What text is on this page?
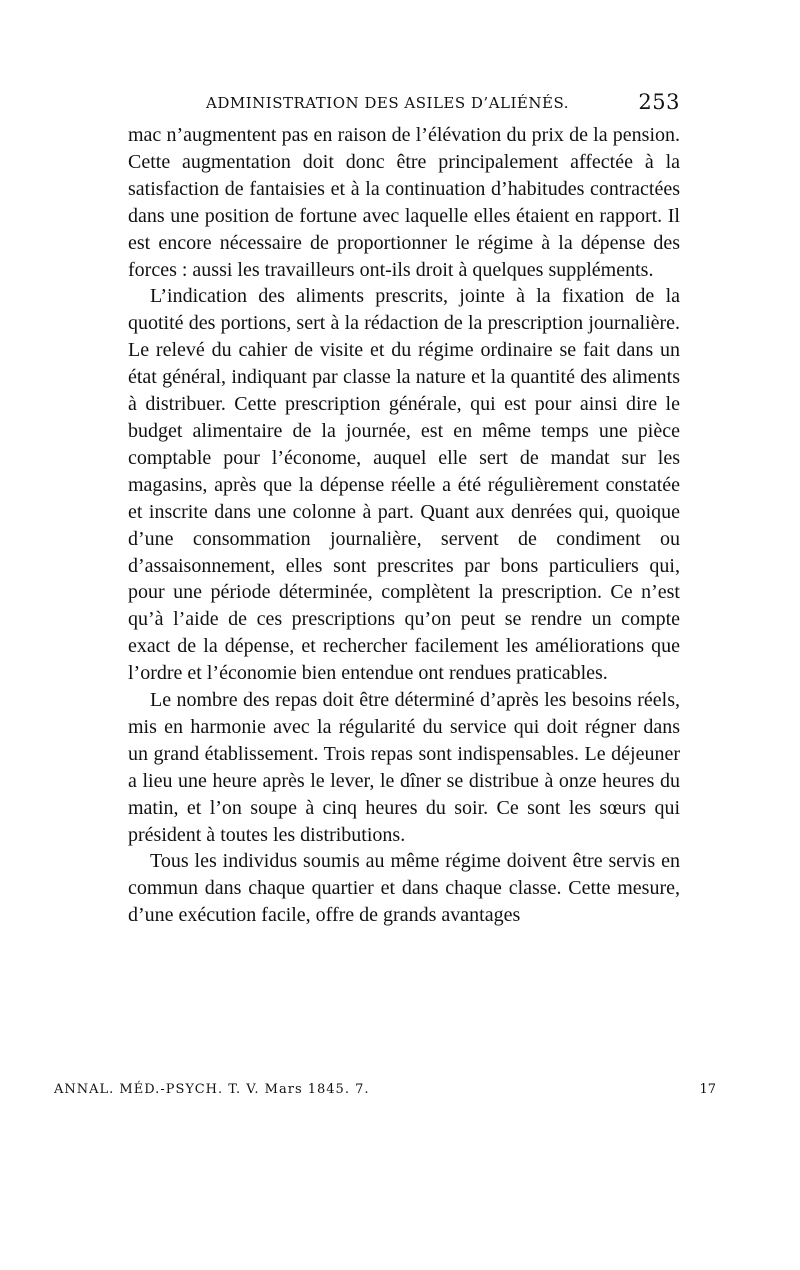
ADMINISTRATION DES ASILES D’ALIÉNÉS.	253

mac n’augmentent pas en raison de l’élévation du prix de la pension. Cette augmentation doit donc être principalement affectée à la satisfaction de fantaisies et à la continuation d’habitudes contractées dans une position de fortune avec laquelle elles étaient en rapport. Il est encore nécessaire de proportionner le régime à la dépense des forces : aussi les travailleurs ont-ils droit à quelques suppléments.

L’indication des aliments prescrits, jointe à la fixation de la quotité des portions, sert à la rédaction de la prescription journalière. Le relevé du cahier de visite et du régime ordinaire se fait dans un état général, indiquant par classe la nature et la quantité des aliments à distribuer. Cette prescription générale, qui est pour ainsi dire le budget alimentaire de la journée, est en même temps une pièce comptable pour l’économe, auquel elle sert de mandat sur les magasins, après que la dépense réelle a été régulièrement constatée et inscrite dans une colonne à part. Quant aux denrées qui, quoique d’une consommation journalière, servent de condiment ou d’assaisonnement, elles sont prescrites par bons particuliers qui, pour une période déterminée, complètent la prescription. Ce n’est qu’à l’aide de ces prescriptions qu’on peut se rendre un compte exact de la dépense, et rechercher facilement les améliorations que l’ordre et l’économie bien entendue ont rendues praticables.

Le nombre des repas doit être déterminé d’après les besoins réels, mis en harmonie avec la régularité du service qui doit régner dans un grand établissement. Trois repas sont indispensables. Le déjeuner a lieu une heure après le lever, le dîner se distribue à onze heures du matin, et l’on soupe à cinq heures du soir. Ce sont les sœurs qui président à toutes les distributions.

Tous les individus soumis au même régime doivent être servis en commun dans chaque quartier et dans chaque classe. Cette mesure, d’une exécution facile, offre de grands avantages

ANNAL. MÉD.-PSYCH. T. V. Mars 1845. 7.	17
